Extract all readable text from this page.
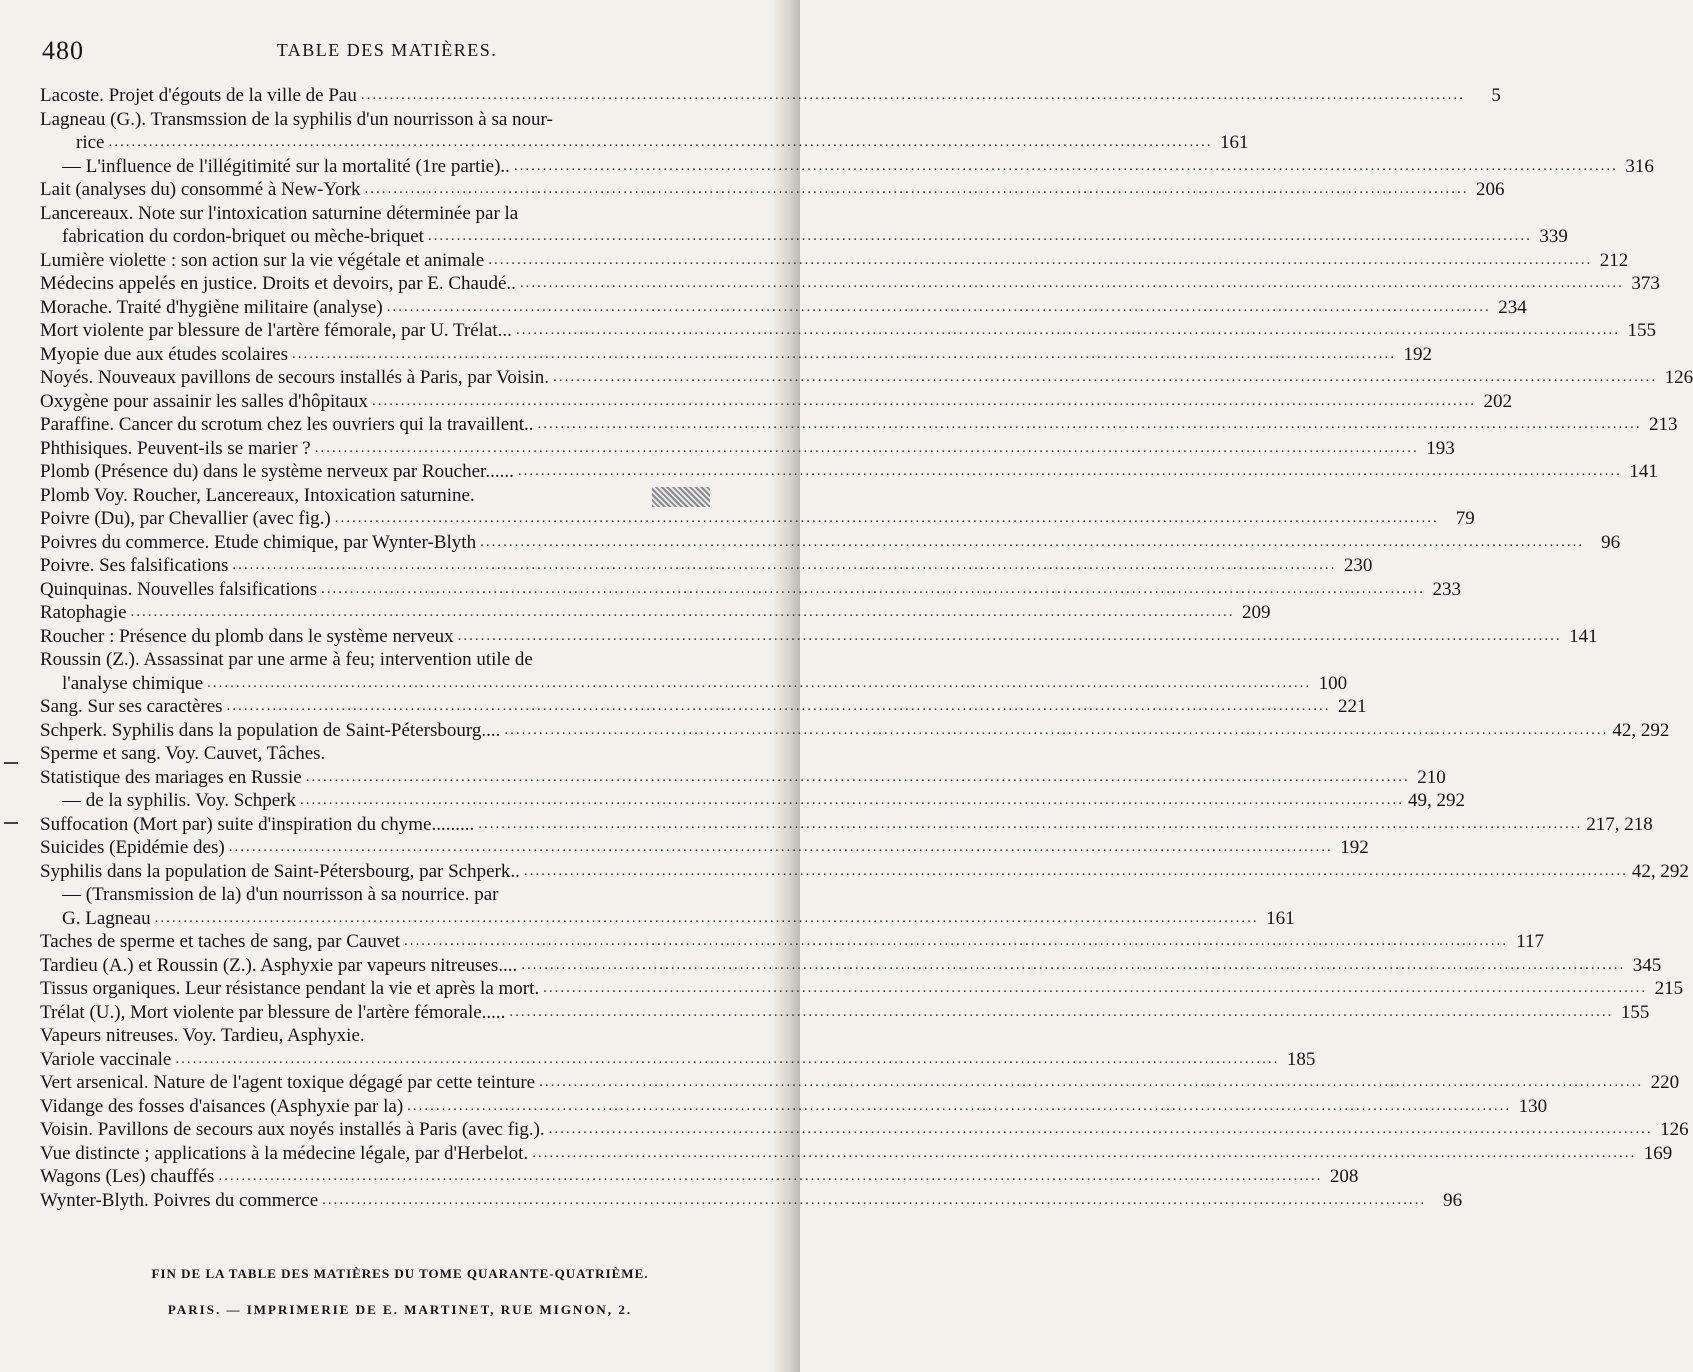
480	TABLE DES MATIÈRES.
Lacoste. Projet d'égouts de la ville de Pau .....	5
Lagneau (G.). Transmssion de la syphilis d'un nourrisson à sa nour-
rice .....	161
— L'influence de l'illégitimité sur la mortalité (1re partie).. .....	316
Lait (analyses du) consommé à New-York .....	206
Lancereaux. Note sur l'intoxication saturnine déterminée par la
fabrication du cordon-briquet ou mèche-briquet .....	339
Lumière violette : son action sur la vie végétale et animale .....	212
Médecins appelés en justice. Droits et devoirs, par E. Chaudé.. .....	373
Morache. Traité d'hygiène militaire (analyse) .....	234
Mort violente par blessure de l'artère fémorale, par U. Trélat... .....	155
Myopie due aux études scolaires .....	192
Noyés. Nouveaux pavillons de secours installés à Paris, par Voisin. .....	126
Oxygène pour assainir les salles d'hôpitaux .....	202
Paraffine. Cancer du scrotum chez les ouvriers qui la travaillent.. .....	213
Phthisiques. Peuvent-ils se marier ? .....	193
Plomb (Présence du) dans le système nerveux par Roucher...... .....	141
Plomb Voy. Roucher, Lancereaux, Intoxication saturnine.
Poivre (Du), par Chevallier (avec fig.) .....	79
Poivres du commerce. Etude chimique, par Wynter-Blyth .....	96
Poivre. Ses falsifications .....	230
Quinquinas. Nouvelles falsifications .....	233
Ratophagie .....	209
Roucher : Présence du plomb dans le système nerveux .....	141
Roussin (Z.). Assassinat par une arme à feu; intervention utile de
l'analyse chimique .....	100
Sang. Sur ses caractères .....	221
Schperk. Syphilis dans la population de Saint-Pétersbourg.... .....	42, 292
Sperme et sang. Voy. Cauvet, Tâches.
Statistique des mariages en Russie .....	210
— de la syphilis. Voy. Schperk .....	49, 292
Suffocation (Mort par) suite d'inspiration du chyme......... .....	217, 218
Suicides (Epidémie des) .....	192
Syphilis dans la population de Saint-Pétersbourg, par Schperk.. .....	42, 292
— (Transmission de la) d'un nourrisson à sa nourrice. par
G. Lagneau .....	161
Taches de sperme et taches de sang, par Cauvet .....	117
Tardieu (A.) et Roussin (Z.). Asphyxie par vapeurs nitreuses.... .....	345
Tissus organiques. Leur résistance pendant la vie et après la mort. .....	215
Trélat (U.), Mort violente par blessure de l'artère fémorale..... .....	155
Vapeurs nitreuses. Voy. Tardieu, Asphyxie.
Variole vaccinale .....	185
Vert arsenical. Nature de l'agent toxique dégagé par cette teinture .....	220
Vidange des fosses d'aisances (Asphyxie par la) .....	130
Voisin. Pavillons de secours aux noyés installés à Paris (avec fig.). .....	126
Vue distincte ; applications à la médecine légale, par d'Herbelot. .....	169
Wagons (Les) chauffés .....	208
Wynter-Blyth. Poivres du commerce .....	96
FIN DE LA TABLE DES MATIÈRES DU TOME QUARANTE-QUATRIÈME.
PARIS. — IMPRIMERIE DE E. MARTINET, RUE MIGNON, 2.
